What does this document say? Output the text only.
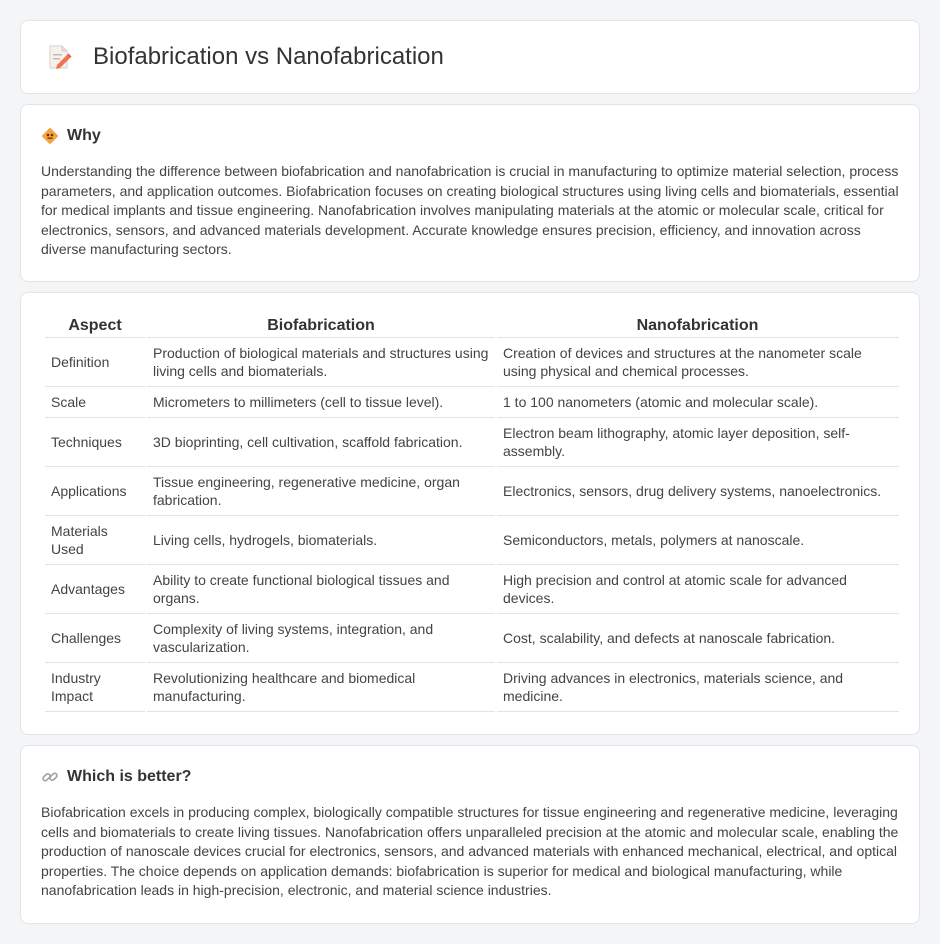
Biofabrication vs Nanofabrication
Why

Understanding the difference between biofabrication and nanofabrication is crucial in manufacturing to optimize material selection, process parameters, and application outcomes. Biofabrication focuses on creating biological structures using living cells and biomaterials, essential for medical implants and tissue engineering. Nanofabrication involves manipulating materials at the atomic or molecular scale, critical for electronics, sensors, and advanced materials development. Accurate knowledge ensures precision, efficiency, and innovation across diverse manufacturing sectors.

Aspect	Biofabrication	Nanofabrication
Definition	Production of biological materials and structures using living cells and biomaterials.	Creation of devices and structures at the nanometer scale using physical and chemical processes.
Scale	Micrometers to millimeters (cell to tissue level).	1 to 100 nanometers (atomic and molecular scale).
Techniques	3D bioprinting, cell cultivation, scaffold fabrication.	Electron beam lithography, atomic layer deposition, self-assembly.
Applications	Tissue engineering, regenerative medicine, organ fabrication.	Electronics, sensors, drug delivery systems, nanoelectronics.
Materials Used	Living cells, hydrogels, biomaterials.	Semiconductors, metals, polymers at nanoscale.
Advantages	Ability to create functional biological tissues and organs.	High precision and control at atomic scale for advanced devices.
Challenges	Complexity of living systems, integration, and vascularization.	Cost, scalability, and defects at nanoscale fabrication.
Industry Impact	Revolutionizing healthcare and biomedical manufacturing.	Driving advances in electronics, materials science, and medicine.
Which is better?

Biofabrication excels in producing complex, biologically compatible structures for tissue engineering and regenerative medicine, leveraging cells and biomaterials to create living tissues. Nanofabrication offers unparalleled precision at the atomic and molecular scale, enabling the production of nanoscale devices crucial for electronics, sensors, and advanced materials with enhanced mechanical, electrical, and optical properties. The choice depends on application demands: biofabrication is superior for medical and biological manufacturing, while nanofabrication leads in high-precision, electronic, and material science industries.
